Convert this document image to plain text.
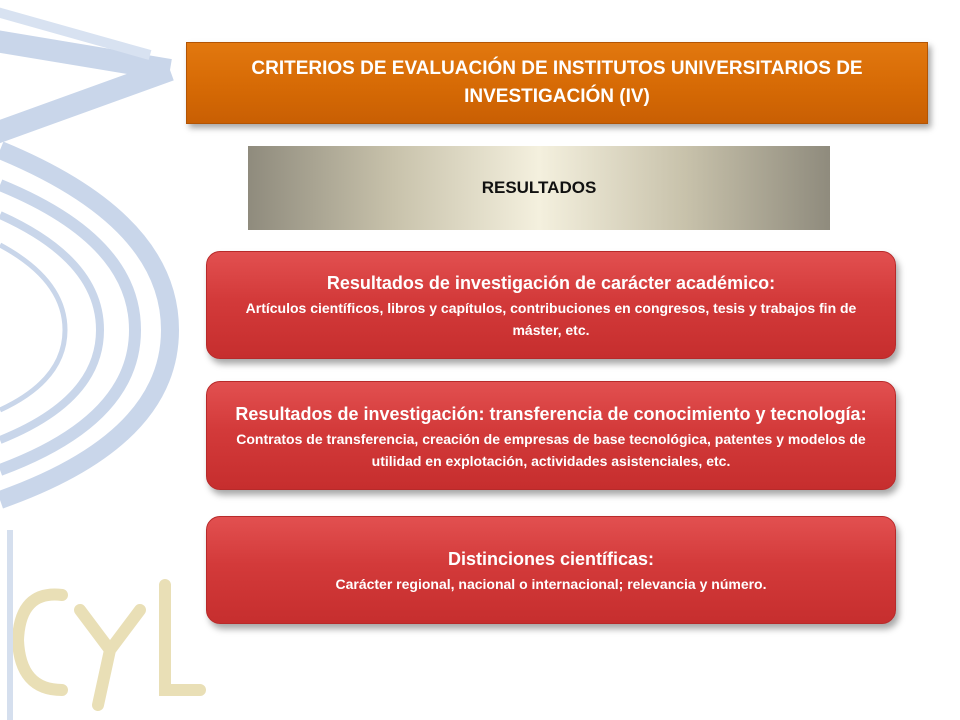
CRITERIOS DE EVALUACIÓN DE INSTITUTOS UNIVERSITARIOS DE INVESTIGACIÓN (IV)
RESULTADOS
Resultados de investigación de carácter académico:
Artículos científicos, libros y capítulos, contribuciones en congresos, tesis y trabajos fin de máster, etc.
Resultados de investigación: transferencia de conocimiento y tecnología:
Contratos de transferencia, creación de empresas de base tecnológica, patentes y modelos de utilidad en explotación, actividades asistenciales, etc.
Distinciones científicas:
Carácter regional, nacional o internacional; relevancia y número.
